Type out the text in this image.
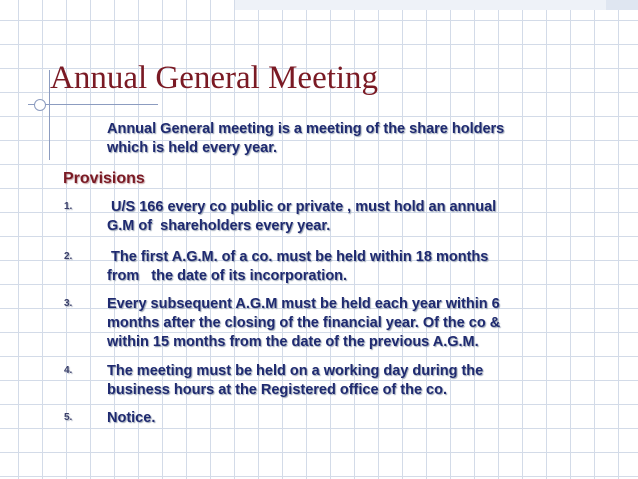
Annual General Meeting

Annual General meeting is a meeting of the share holders

which is held every year.

Provisions
1. U/S 166 every co public or private , must hold an annual
G.M of  shareholders every year.
2. The first A.G.M. of a co. must be held within 18 months
from   the date of its incorporation.
3. Every subsequent A.G.M must be held each year within 6
months after the closing of the financial year. Of the co &
within 15 months from the date of the previous A.G.M.
4. The meeting must be held on a working day during the
business hours at the Registered office of the co.
5. Notice.
